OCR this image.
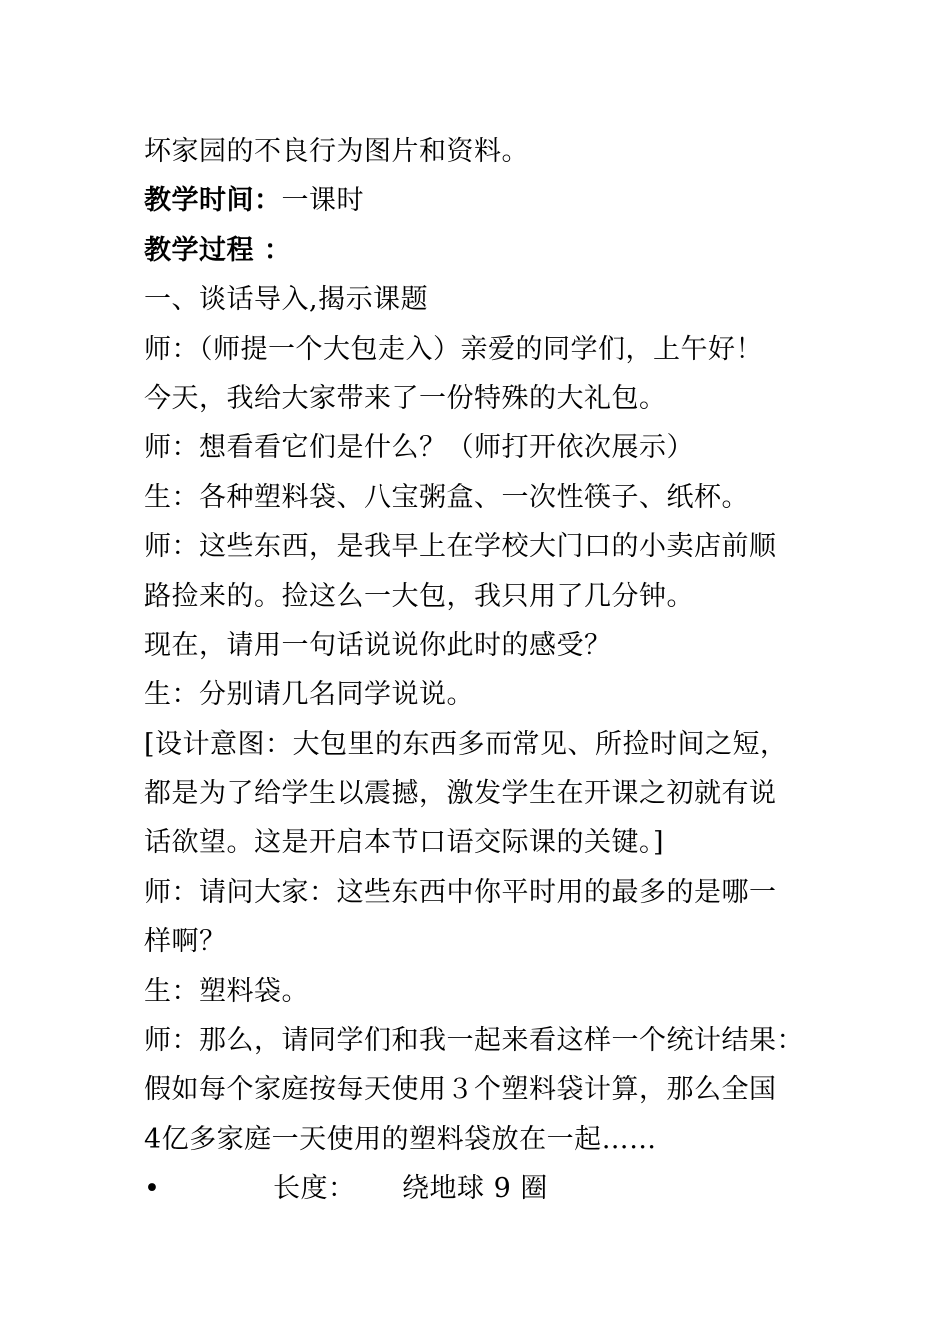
坏家园的不良行为图片和资料。
教学时间：一课时
教学过程 ：
一、谈话导入,揭示课题
师：（师提一个大包走入）亲爱的同学们，上午好！
今天，我给大家带来了一份特殊的大礼包。
师：想看看它们是什么？（师打开依次展示）
生：各种塑料袋、八宝粥盒、一次性筷子、纸杯。
师：这些东西，是我早上在学校大门口的小卖店前顺
路捡来的。捡这么一大包，我只用了几分钟。
现在，请用一句话说说你此时的感受？
生：分别请几名同学说说。
[设计意图：大包里的东西多而常见、所捡时间之短，
都是为了给学生以震撼，激发学生在开课之初就有说
话欲望。这是开启本节口语交际课的关键。]
师：请问大家：这些东西中你平时用的最多的是哪一
样啊？
生：塑料袋。
师：那么，请同学们和我一起来看这样一个统计结果：
假如每个家庭按每天使用３个塑料袋计算，那么全国
4亿多家庭一天使用的塑料袋放在一起……
•	长度： 绕地球 9 圈
